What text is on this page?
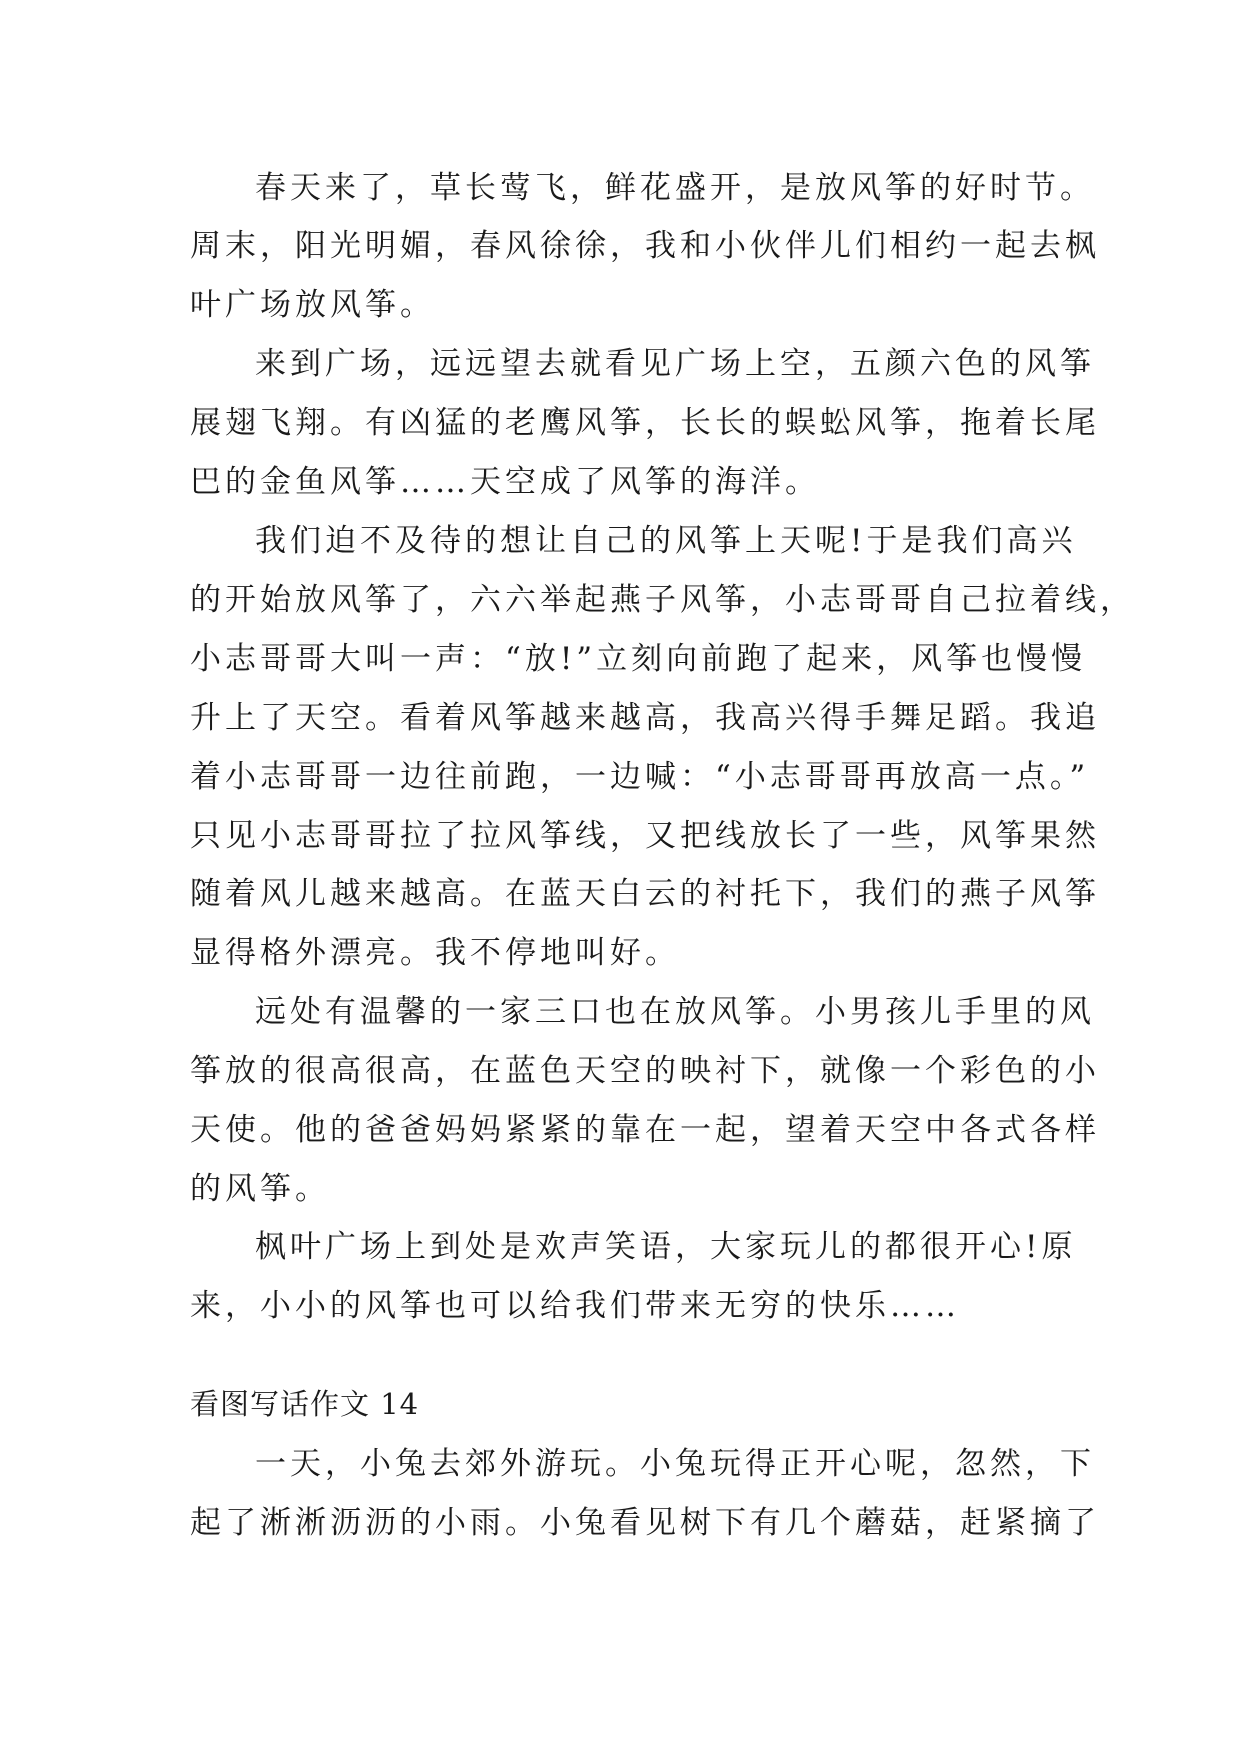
春天来了，草长莺飞，鲜花盛开，是放风筝的好时节。
周末，阳光明媚，春风徐徐，我和小伙伴儿们相约一起去枫
叶广场放风筝。
来到广场，远远望去就看见广场上空，五颜六色的风筝
展翅飞翔。有凶猛的老鹰风筝，长长的蜈蚣风筝，拖着长尾
巴的金鱼风筝……天空成了风筝的海洋。
我们迫不及待的想让自己的风筝上天呢!于是我们高兴
的开始放风筝了，六六举起燕子风筝，小志哥哥自己拉着线，
小志哥哥大叫一声：“放!”立刻向前跑了起来，风筝也慢慢
升上了天空。看着风筝越来越高，我高兴得手舞足蹈。我追
着小志哥哥一边往前跑，一边喊：“小志哥哥再放高一点。”
只见小志哥哥拉了拉风筝线，又把线放长了一些，风筝果然
随着风儿越来越高。在蓝天白云的衬托下，我们的燕子风筝
显得格外漂亮。我不停地叫好。
远处有温馨的一家三口也在放风筝。小男孩儿手里的风
筝放的很高很高，在蓝色天空的映衬下，就像一个彩色的小
天使。他的爸爸妈妈紧紧的靠在一起，望着天空中各式各样
的风筝。
枫叶广场上到处是欢声笑语，大家玩儿的都很开心!原
来，小小的风筝也可以给我们带来无穷的快乐……
看图写话作文 14
一天，小兔去郊外游玩。小兔玩得正开心呢，忽然，下
起了淅淅沥沥的小雨。小兔看见树下有几个蘑菇，赶紧摘了
